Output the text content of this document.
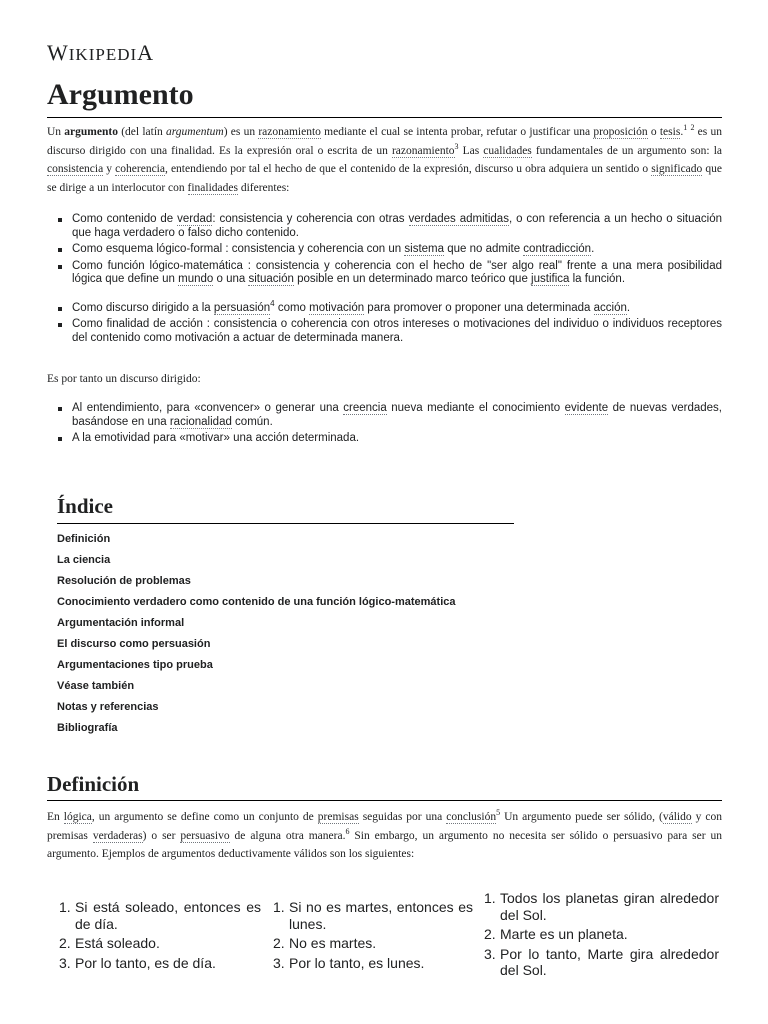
WIKIPEDIA
Argumento

Un argumento (del latín argumentum) es un razonamiento mediante el cual se intenta probar, refutar o justificar una proposición o tesis.$^1$ $^2$ es un discurso dirigido con una finalidad. Es la expresión oral o escrita de un razonamiento$^3$ Las cualidades fundamentales de un argumento son: la consistencia y coherencia, entendiendo por tal el hecho de que el contenido de la expresión, discurso u obra adquiera un sentido o significado que se dirige a un interlocutor con finalidades diferentes:

Como contenido de verdad: consistencia y coherencia con otras verdades admitidas, o con referencia a un hecho o situación que haga verdadero o falso dicho contenido.
Como esquema lógico-formal : consistencia y coherencia con un sistema que no admite contradicción.
Como función lógico-matemática : consistencia y coherencia con el hecho de "ser algo real" frente a una mera posibilidad lógica que define un mundo o una situación posible en un determinado marco teórico que justifica la función.
Como discurso dirigido a la persuasión$^4$ como motivación para promover o proponer una determinada acción.
Como finalidad de acción : consistencia o coherencia con otros intereses o motivaciones del individuo o individuos receptores del contenido como motivación a actuar de determinada manera.

Es por tanto un discurso dirigido:

Al entendimiento, para «convencer» o generar una creencia nueva mediante el conocimiento evidente de nuevas verdades, basándose en una racionalidad común.
A la emotividad para «motivar» una acción determinada.
Índice
Definición
La ciencia
Resolución de problemas
Conocimiento verdadero como contenido de una función lógico-matemática
Argumentación informal
El discurso como persuasión
Argumentaciones tipo prueba
Véase también
Notas y referencias
Bibliografía
Definición

En lógica, un argumento se define como un conjunto de premisas seguidas por una conclusión$^5$ Un argumento puede ser sólido, (válido y con premisas verdaderas) o ser persuasivo de alguna otra manera.$^6$ Sin embargo, un argumento no necesita ser sólido o persuasivo para ser un argumento. Ejemplos de argumentos deductivamente válidos son los siguientes:

1. Si está soleado, entonces es de día.
2. Está soleado.
3. Por lo tanto, es de día.
1. Si no es martes, entonces es lunes.
2. No es martes.
3. Por lo tanto, es lunes.
1. Todos los planetas giran alrededor del Sol.
2. Marte es un planeta.
3. Por lo tanto, Marte gira alrededor del Sol.
